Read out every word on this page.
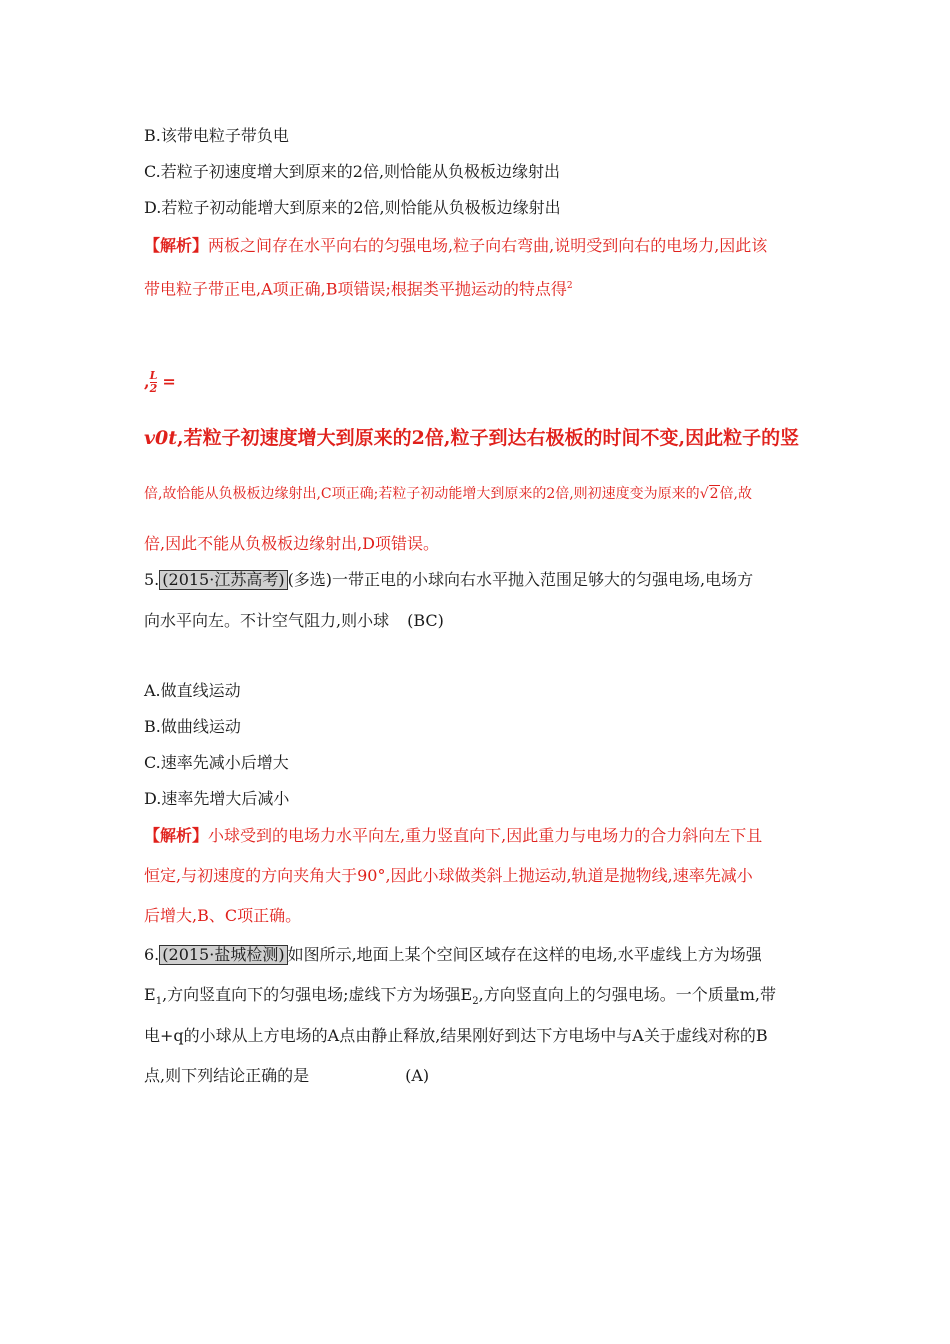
B.该带电粒子带负电
C.若粒子初速度增大到原来的2倍,则恰能从负极板边缘射出
D.若粒子初动能增大到原来的2倍,则恰能从负极板边缘射出
【解析】两板之间存在水平向右的匀强电场,粒子向右弯曲,说明受到向右的电场力,因此该
带电粒子带正电,A项正确,B项错误;根据类平抛运动的特点得$^2$
, $\frac{L}{2}$ =
v0t,若粒子初速度增大到原来的2倍,粒子到达右极板的时间不变,因此粒子的竖
倍,故恰能从负极板边缘射出,C项正确;若粒子初动能增大到原来的2倍,则初速度变为原来的√2倍,故
倍,因此不能从负极板边缘射出,D项错误。
5. (2015·江苏高考) (多选)一带正电的小球向右水平抛入范围足够大的匀强电场,电场方
向水平向左。不计空气阻力,则小球 (BC)
A.做直线运动
B.做曲线运动
C.速率先减小后增大
D.速率先增大后减小
【解析】小球受到的电场力水平向左,重力竖直向下,因此重力与电场力的合力斜向左下且
恒定,与初速度的方向夹角大于90°,因此小球做类斜上抛运动,轨道是抛物线,速率先减小
后增大,B、C项正确。
6. (2015·盐城检测) 如图所示,地面上某个空间区域存在这样的电场,水平虚线上方为场强
$E_1$,方向竖直向下的匀强电场;虚线下方为场强$E_2$,方向竖直向上的匀强电场。一个质量m,带
电+q的小球从上方电场的A点由静止释放,结果刚好到达下方电场中与A关于虚线对称的B
点,则下列结论正确的是	(A)
